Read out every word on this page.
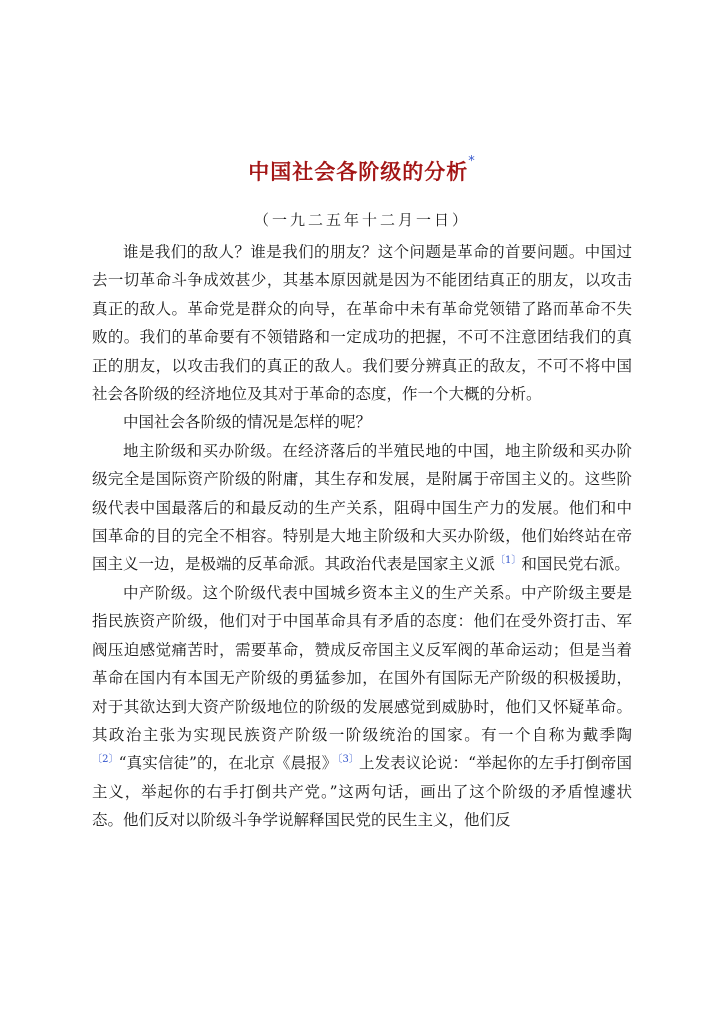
中国社会各阶级的分析*
（一九二五年十二月一日）

谁是我们的敌人？谁是我们的朋友？这个问题是革命的首要问题。中国过去一切革命斗争成效甚少，其基本原因就是因为不能团结真正的朋友，以攻击真正的敌人。革命党是群众的向导，在革命中未有革命党领错了路而革命不失败的。我们的革命要有不领错路和一定成功的把握，不可不注意团结我们的真正的朋友，以攻击我们的真正的敌人。我们要分辨真正的敌友，不可不将中国社会各阶级的经济地位及其对于革命的态度，作一个大概的分析。

中国社会各阶级的情况是怎样的呢？

地主阶级和买办阶级。在经济落后的半殖民地的中国，地主阶级和买办阶级完全是国际资产阶级的附庸，其生存和发展，是附属于帝国主义的。这些阶级代表中国最落后的和最反动的生产关系，阻碍中国生产力的发展。他们和中国革命的目的完全不相容。特别是大地主阶级和大买办阶级，他们始终站在帝国主义一边，是极端的反革命派。其政治代表是国家主义派$^{〔1〕}$和国民党右派。

中产阶级。这个阶级代表中国城乡资本主义的生产关系。中产阶级主要是指民族资产阶级，他们对于中国革命具有矛盾的态度：他们在受外资打击、军阀压迫感觉痛苦时，需要革命，赞成反帝国主义反军阀的革命运动；但是当着革命在国内有本国无产阶级的勇猛参加，在国外有国际无产阶级的积极援助，对于其欲达到大资产阶级地位的阶级的发展感觉到威胁时，他们又怀疑革命。其政治主张为实现民族资产阶级一阶级统治的国家。有一个自称为戴季陶$^{〔2〕}$“真实信徒”的，在北京《晨报》$^{〔3〕}$上发表议论说：“举起你的左手打倒帝国主义，举起你的右手打倒共产党。”这两句话，画出了这个阶级的矛盾惶遽状态。他们反对以阶级斗争学说解释国民党的民生主义，他们反
